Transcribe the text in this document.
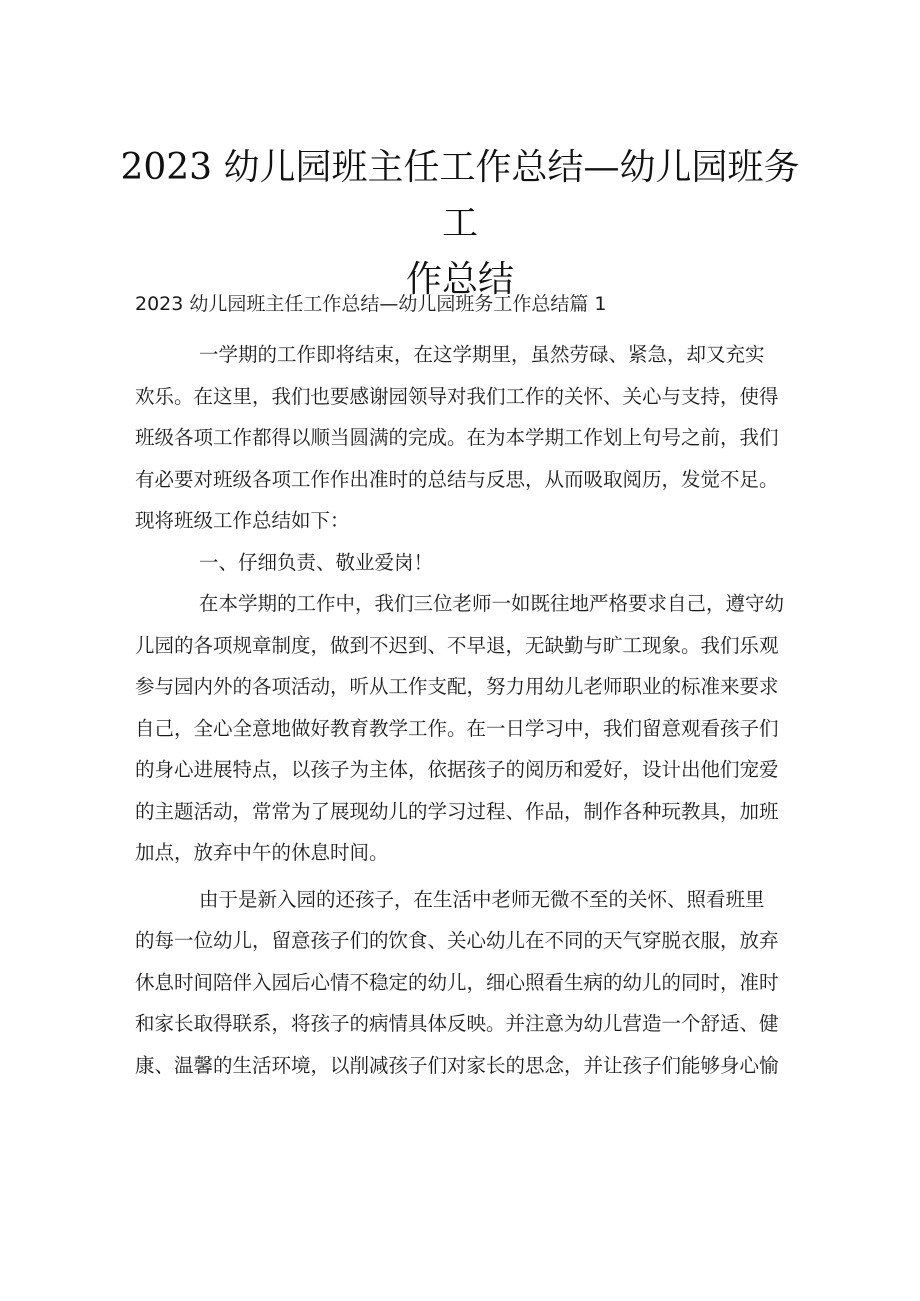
2023 幼儿园班主任工作总结—幼儿园班务工
作总结

2023 幼儿园班主任工作总结—幼儿园班务工作总结篇 1

一学期的工作即将结束，在这学期里，虽然劳碌、紧急，却又充实
欢乐。在这里，我们也要感谢园领导对我们工作的关怀、关心与支持，使得
班级各项工作都得以顺当圆满的完成。在为本学期工作划上句号之前，我们
有必要对班级各项工作作出准时的总结与反思，从而吸取阅历，发觉不足。
现将班级工作总结如下：
一、仔细负责、敬业爱岗！
在本学期的工作中，我们三位老师一如既往地严格要求自己，遵守幼
儿园的各项规章制度，做到不迟到、不早退，无缺勤与旷工现象。我们乐观
参与园内外的各项活动，听从工作支配，努力用幼儿老师职业的标准来要求
自己，全心全意地做好教育教学工作。在一日学习中，我们留意观看孩子们
的身心进展特点，以孩子为主体，依据孩子的阅历和爱好，设计出他们宠爱
的主题活动，常常为了展现幼儿的学习过程、作品，制作各种玩教具，加班
加点，放弃中午的休息时间。
由于是新入园的还孩子，在生活中老师无微不至的关怀、照看班里
的每一位幼儿，留意孩子们的饮食、关心幼儿在不同的天气穿脱衣服，放弃
休息时间陪伴入园后心情不稳定的幼儿，细心照看生病的幼儿的同时，准时
和家长取得联系，将孩子的病情具体反映。并注意为幼儿营造一个舒适、健
康、温馨的生活环境，以削减孩子们对家长的思念，并让孩子们能够身心愉
